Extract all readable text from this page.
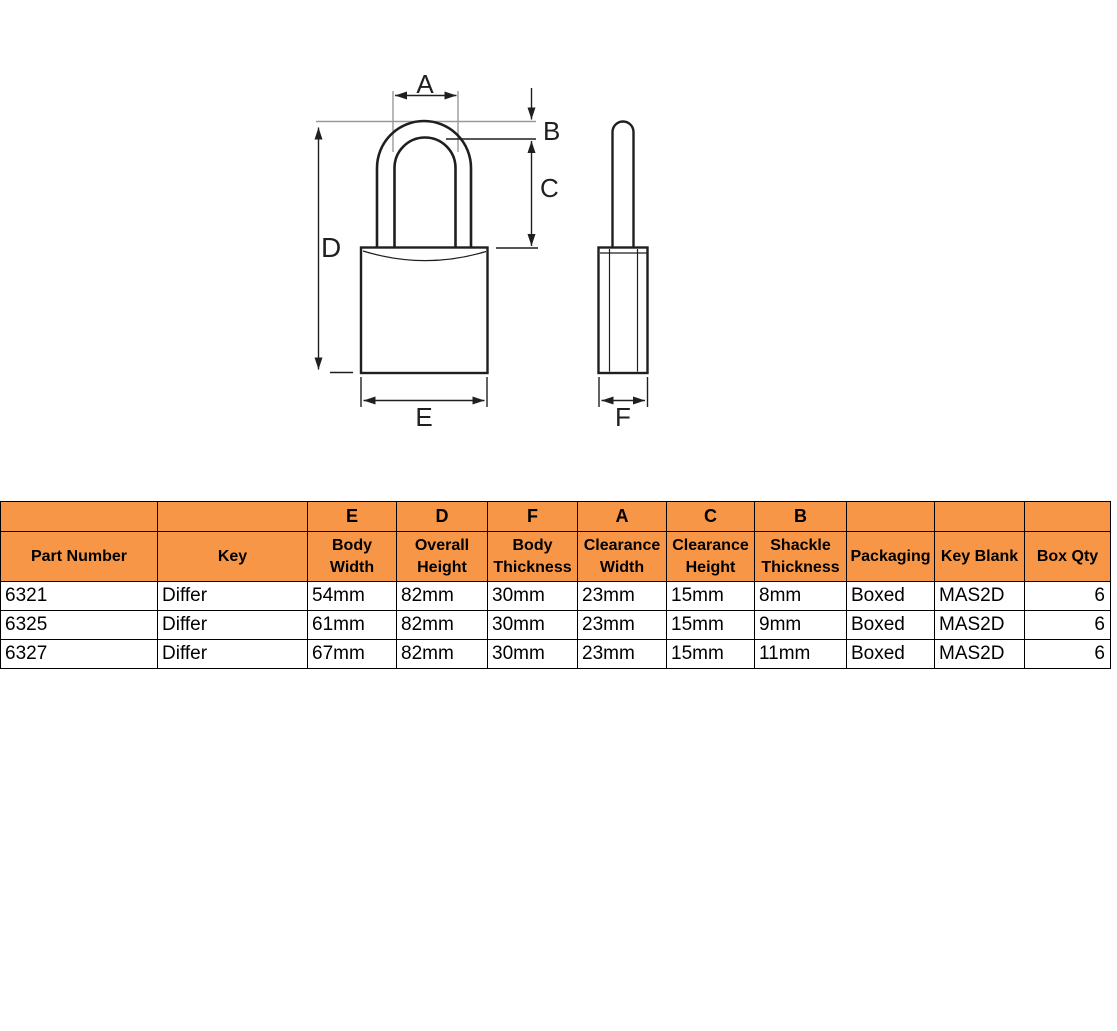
A
B
C
D
E	F
		E	D	F	A	C	B			
Part Number	Key	Body Width	Overall Height	Body Thickness	Clearance Width	Clearance Height	Shackle Thickness	Packaging	Key Blank	Box Qty
6321	Differ	54mm	82mm	30mm	23mm	15mm	8mm	Boxed	MAS2D	6
6325	Differ	61mm	82mm	30mm	23mm	15mm	9mm	Boxed	MAS2D	6
6327	Differ	67mm	82mm	30mm	23mm	15mm	11mm	Boxed	MAS2D	6
